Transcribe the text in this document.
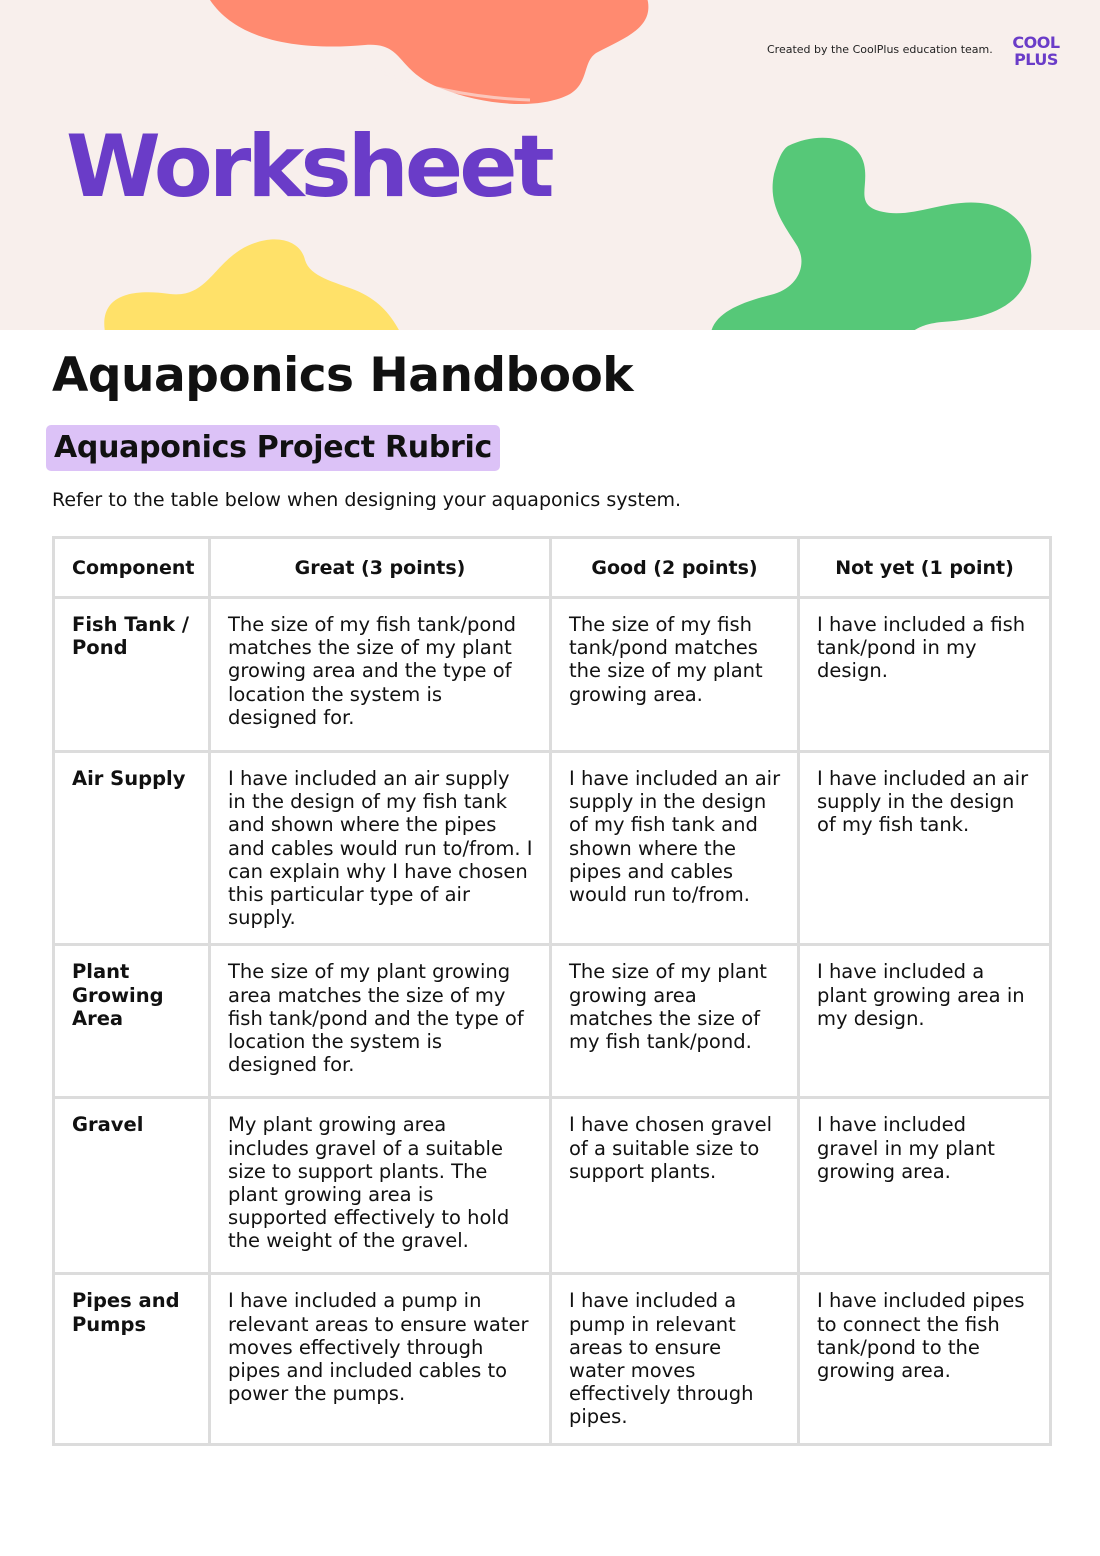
Worksheet
Created by the CoolPlus education team.	COOL
PLUS
Aquaponics Handbook
Aquaponics Project Rubric

Refer to the table below when designing your aquaponics system.

Component	Great (3 points)	Good (2 points)	Not yet (1 point)
Fish Tank / Pond	The size of my fish tank/pond matches the size of my plant growing area and the type of location the system is designed for.	The size of my fish tank/pond matches the size of my plant growing area.	I have included a fish tank/pond in my design.
Air Supply	I have included an air supply in the design of my fish tank and shown where the pipes and cables would run to/from. I can explain why I have chosen this particular type of air supply.	I have included an air supply in the design of my fish tank and shown where the pipes and cables would run to/from.	I have included an air supply in the design of my fish tank.
Plant Growing Area	The size of my plant growing area matches the size of my fish tank/pond and the type of location the system is designed for.	The size of my plant growing area matches the size of my fish tank/pond.	I have included a plant growing area in my design.
Gravel	My plant growing area includes gravel of a suitable size to support plants. The plant growing area is supported effectively to hold the weight of the gravel.	I have chosen gravel of a suitable size to support plants.	I have included gravel in my plant growing area.
Pipes and Pumps	I have included a pump in relevant areas to ensure water moves effectively through pipes and included cables to power the pumps.	I have included a pump in relevant areas to ensure water moves effectively through pipes.	I have included pipes to connect the fish tank/pond to the growing area.
